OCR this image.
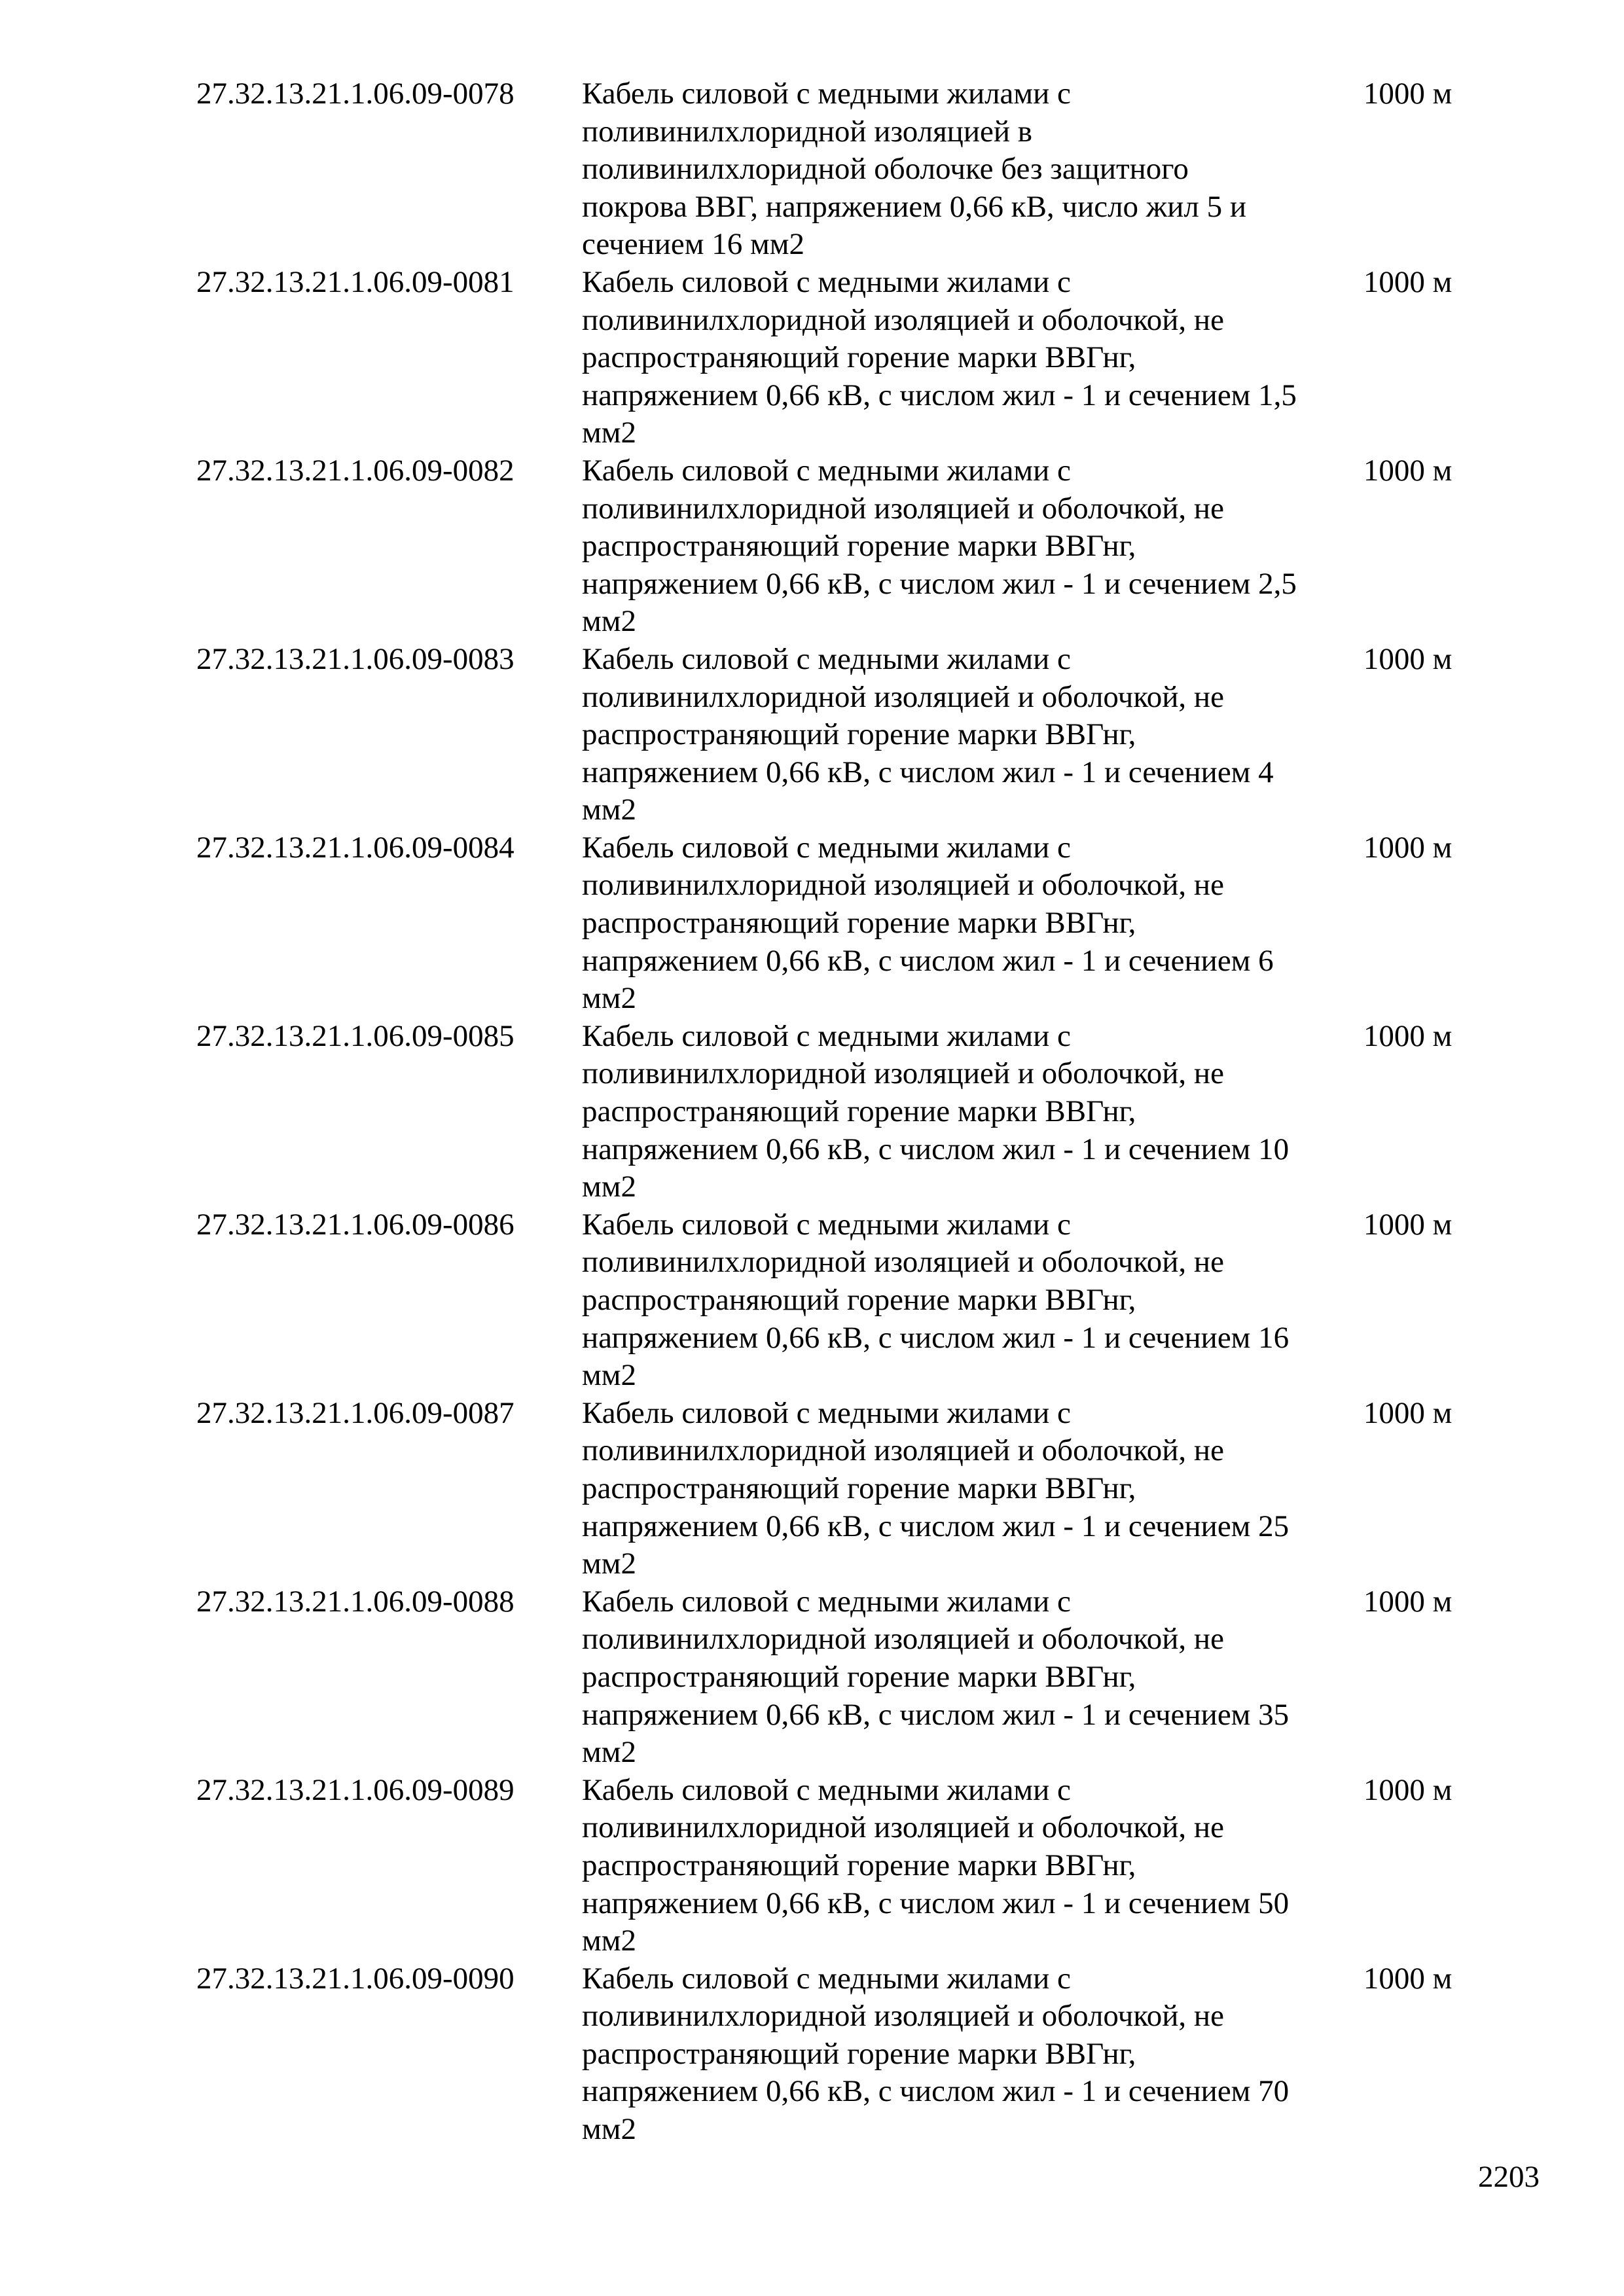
27.32.13.21.1.06.09-0078	Кабель силовой с медными жилами с
поливинилхлоридной изоляцией в
поливинилхлоридной оболочке без защитного
покрова ВВГ, напряжением 0,66 кВ, число жил 5 и
сечением 16 мм2
1000 м
27.32.13.21.1.06.09-0081	Кабель силовой с медными жилами с
поливинилхлоридной изоляцией и оболочкой, не
распространяющий горение марки ВВГнг,
напряжением 0,66 кВ, с числом жил - 1 и сечением 1,5
мм2
1000 м
27.32.13.21.1.06.09-0082	Кабель силовой с медными жилами с
поливинилхлоридной изоляцией и оболочкой, не
распространяющий горение марки ВВГнг,
напряжением 0,66 кВ, с числом жил - 1 и сечением 2,5
мм2
1000 м
27.32.13.21.1.06.09-0083	Кабель силовой с медными жилами с
поливинилхлоридной изоляцией и оболочкой, не
распространяющий горение марки ВВГнг,
напряжением 0,66 кВ, с числом жил - 1 и сечением 4
мм2
1000 м
27.32.13.21.1.06.09-0084	Кабель силовой с медными жилами с
поливинилхлоридной изоляцией и оболочкой, не
распространяющий горение марки ВВГнг,
напряжением 0,66 кВ, с числом жил - 1 и сечением 6
мм2
1000 м
27.32.13.21.1.06.09-0085	Кабель силовой с медными жилами с
поливинилхлоридной изоляцией и оболочкой, не
распространяющий горение марки ВВГнг,
напряжением 0,66 кВ, с числом жил - 1 и сечением 10
мм2
1000 м
27.32.13.21.1.06.09-0086	Кабель силовой с медными жилами с
поливинилхлоридной изоляцией и оболочкой, не
распространяющий горение марки ВВГнг,
напряжением 0,66 кВ, с числом жил - 1 и сечением 16
мм2
1000 м
27.32.13.21.1.06.09-0087	Кабель силовой с медными жилами с
поливинилхлоридной изоляцией и оболочкой, не
распространяющий горение марки ВВГнг,
напряжением 0,66 кВ, с числом жил - 1 и сечением 25
мм2
1000 м
27.32.13.21.1.06.09-0088	Кабель силовой с медными жилами с
поливинилхлоридной изоляцией и оболочкой, не
распространяющий горение марки ВВГнг,
напряжением 0,66 кВ, с числом жил - 1 и сечением 35
мм2
1000 м
27.32.13.21.1.06.09-0089	Кабель силовой с медными жилами с
поливинилхлоридной изоляцией и оболочкой, не
распространяющий горение марки ВВГнг,
напряжением 0,66 кВ, с числом жил - 1 и сечением 50
мм2
1000 м
27.32.13.21.1.06.09-0090	Кабель силовой с медными жилами с
поливинилхлоридной изоляцией и оболочкой, не
распространяющий горение марки ВВГнг,
напряжением 0,66 кВ, с числом жил - 1 и сечением 70
мм2
1000 м
2203
